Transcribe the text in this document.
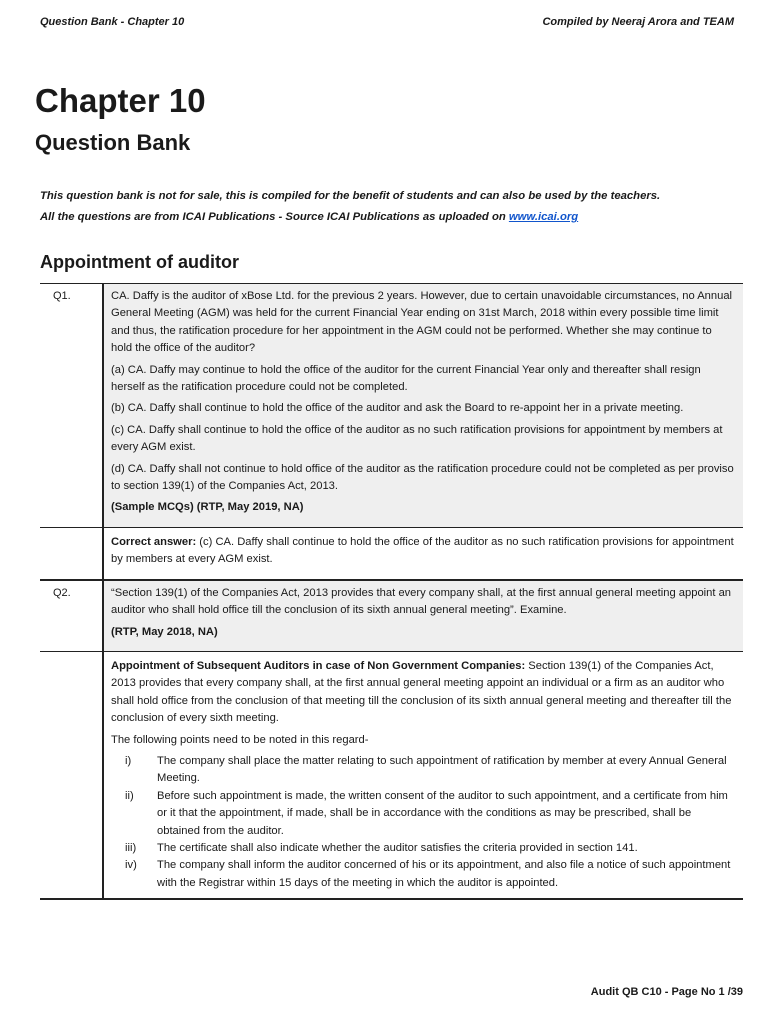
Question Bank - Chapter 10	Compiled by Neeraj Arora and TEAM
Chapter 10
Question Bank
This question bank is not for sale, this is compiled for the benefit of students and can also be used by the teachers.
All the questions are from ICAI Publications - Source ICAI Publications as uploaded on www.icai.org
Appointment of auditor
Q1.	CA. Daffy is the auditor of xBose Ltd. for the previous 2 years. However, due to certain unavoidable circumstances, no Annual General Meeting (AGM) was held for the current Financial Year ending on 31st March, 2018 within every possible time limit and thus, the ratification procedure for her appointment in the AGM could not be performed. Whether she may continue to hold the office of the auditor?

(a) CA. Daffy may continue to hold the office of the auditor for the current Financial Year only and thereafter shall resign herself as the ratification procedure could not be completed.

(b) CA. Daffy shall continue to hold the office of the auditor and ask the Board to re-appoint her in a private meeting.

(c) CA. Daffy shall continue to hold the office of the auditor as no such ratification provisions for appointment by members at every AGM exist.

(d) CA. Daffy shall not continue to hold office of the auditor as the ratification procedure could not be completed as per proviso to section 139(1) of the Companies Act, 2013.

(Sample MCQs) (RTP, May 2019, NA)

Correct answer: (c) CA. Daffy shall continue to hold the office of the auditor as no such ratification provisions for appointment by members at every AGM exist.

Q2.	“Section 139(1) of the Companies Act, 2013 provides that every company shall, at the first annual general meeting appoint an auditor who shall hold office till the conclusion of its sixth annual general meeting”. Examine.

(RTP, May 2018, NA)

Appointment of Subsequent Auditors in case of Non Government Companies: Section 139(1) of the Companies Act, 2013 provides that every company shall, at the first annual general meeting appoint an individual or a firm as an auditor who shall hold office from the conclusion of that meeting till the conclusion of its sixth annual general meeting and thereafter till the conclusion of every sixth meeting.

The following points need to be noted in this regard-

i)	The company shall place the matter relating to such appointment of ratification by member at every Annual General Meeting.
ii)	Before such appointment is made, the written consent of the auditor to such appointment, and a certificate from him or it that the appointment, if made, shall be in accordance with the conditions as may be prescribed, shall be obtained from the auditor.
iii)	The certificate shall also indicate whether the auditor satisfies the criteria provided in section 141.
iv)	The company shall inform the auditor concerned of his or its appointment, and also file a notice of such appointment with the Registrar within 15 days of the meeting in which the auditor is appointed.
Audit QB C10 - Page No 1 /39
